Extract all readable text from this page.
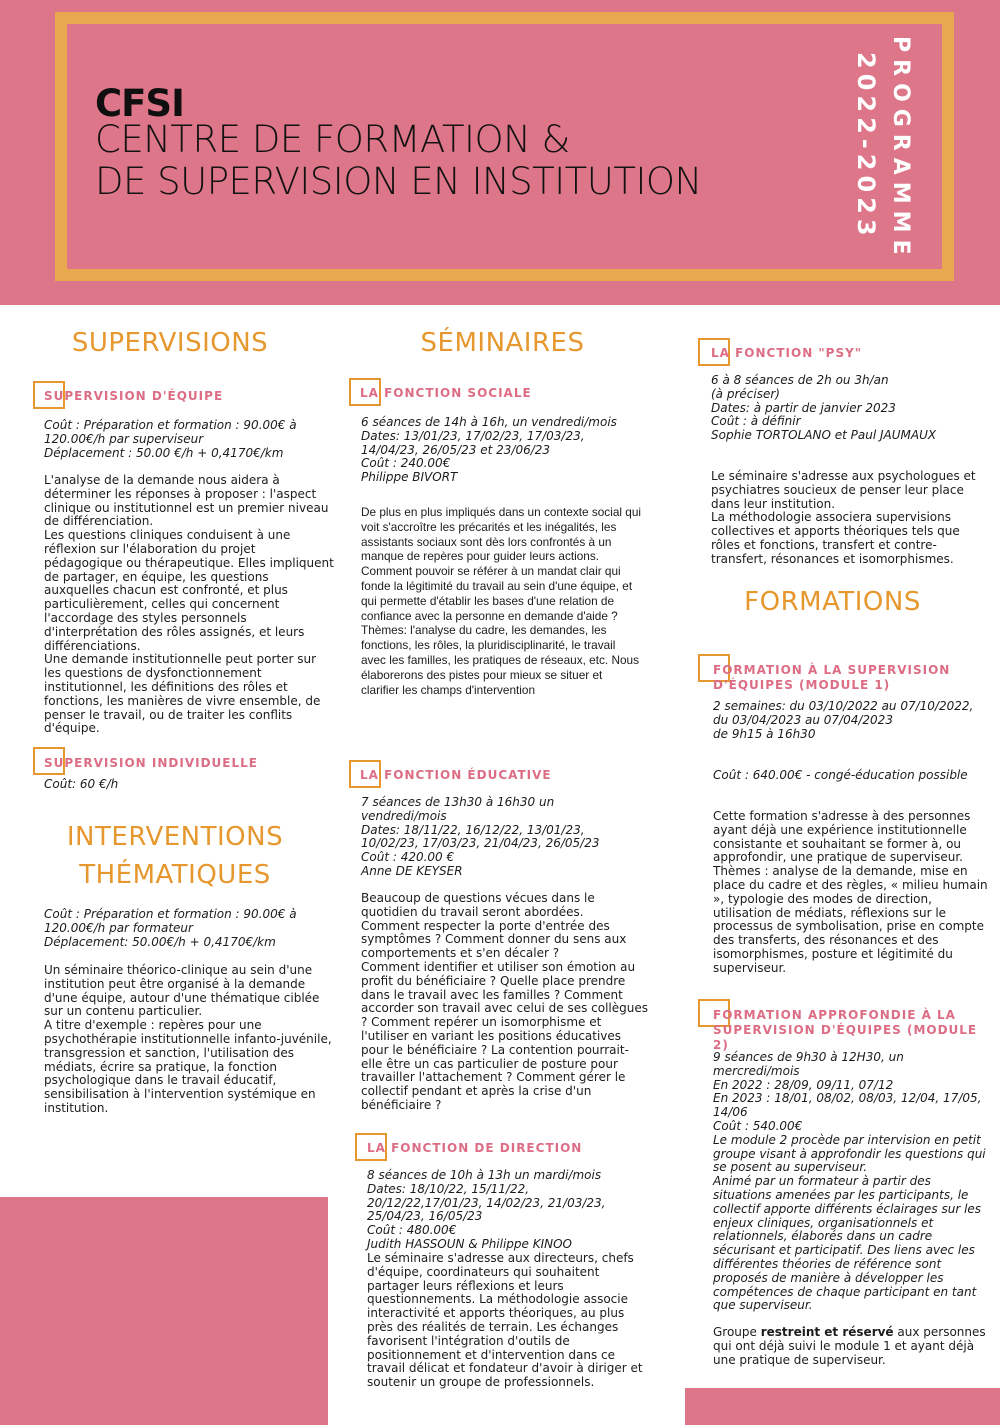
CFSI
CENTRE DE FORMATION &
DE SUPERVISION EN INSTITUTION	PROGRAMME
2022-2023
SUPERVISIONS
SUPERVISION D'ÉQUIPE
Coût : Préparation et formation : 90.00€ à 120.00€/h par superviseur
Déplacement : 50.00 €/h + 0,4170€/km
L'analyse de la demande nous aidera à déterminer les réponses à proposer : l'aspect clinique ou institutionnel est un premier niveau de différenciation.
Les questions cliniques conduisent à une réflexion sur l'élaboration du projet pédagogique ou thérapeutique. Elles impliquent de partager, en équipe, les questions auxquelles chacun est confronté, et plus particulièrement, celles qui concernent l'accordage des styles personnels d'interprétation des rôles assignés, et leurs différenciations.
Une demande institutionnelle peut porter sur les questions de dysfonctionnement institutionnel, les définitions des rôles et fonctions, les manières de vivre ensemble, de penser le travail, ou de traiter les conflits d'équipe.
SUPERVISION INDIVIDUELLE
Coût: 60 €/h
INTERVENTIONS
THÉMATIQUES
Coût : Préparation et formation : 90.00€ à 120.00€/h par formateur
Déplacement: 50.00€/h + 0,4170€/km
Un séminaire théorico-clinique au sein d'une institution peut être organisé à la demande d'une équipe, autour d'une thématique ciblée sur un contenu particulier.
A titre d'exemple : repères pour une psychothérapie institutionnelle infanto-juvénile, transgression et sanction, l'utilisation des médiats, écrire sa pratique, la fonction psychologique dans le travail éducatif, sensibilisation à l'intervention systémique en institution.
SÉMINAIRES
LA FONCTION SOCIALE
6 séances de 14h à 16h, un vendredi/mois
Dates: 13/01/23, 17/02/23, 17/03/23, 14/04/23, 26/05/23 et 23/06/23
Coût : 240.00€
Philippe BIVORT
De plus en plus impliqués dans un contexte social qui voit s'accroître les précarités et les inégalités, les assistants sociaux sont dès lors confrontés à un manque de repères pour guider leurs actions. Comment pouvoir se référer à un mandat clair qui fonde la légitimité du travail au sein d'une équipe, et qui permette d'établir les bases d'une relation de confiance avec la personne en demande d'aide ?
Thèmes: l'analyse du cadre, les demandes, les fonctions, les rôles, la pluridisciplinarité, le travail avec les familles, les pratiques de réseaux, etc. Nous élaborerons des pistes pour mieux se situer et clarifier les champs d'intervention
LA FONCTION ÉDUCATIVE
7 séances de 13h30 à 16h30 un vendredi/mois
Dates: 18/11/22, 16/12/22, 13/01/23, 10/02/23, 17/03/23, 21/04/23, 26/05/23
Coût : 420.00 €
Anne DE KEYSER
Beaucoup de questions vécues dans le quotidien du travail seront abordées.
Comment respecter la porte d'entrée des symptômes ? Comment donner du sens aux comportements et s'en décaler ?
Comment identifier et utiliser son émotion au profit du bénéficiaire ? Quelle place prendre dans le travail avec les familles ? Comment accorder son travail avec celui de ses collègues ? Comment repérer un isomorphisme et l'utiliser en variant les positions éducatives pour le bénéficiaire ? La contention pourrait-elle être un cas particulier de posture pour travailler l'attachement ? Comment gérer le collectif pendant et après la crise d'un bénéficiaire ?
LA FONCTION DE DIRECTION
8 séances de 10h à 13h un mardi/mois
Dates: 18/10/22, 15/11/22, 20/12/22,17/01/23, 14/02/23, 21/03/23, 25/04/23, 16/05/23
Coût : 480.00€
Judith HASSOUN & Philippe KINOO
Le séminaire s'adresse aux directeurs, chefs d'équipe, coordinateurs qui souhaitent partager leurs réflexions et leurs questionnements. La méthodologie associe interactivité et apports théoriques, au plus près des réalités de terrain. Les échanges favorisent l'intégration d'outils de positionnement et d'intervention dans ce travail délicat et fondateur d'avoir à diriger et soutenir un groupe de professionnels.
LA FONCTION "PSY"
6 à 8 séances de 2h ou 3h/an
(à préciser)
Dates: à partir de janvier 2023
Coût : à définir
Sophie TORTOLANO et Paul JAUMAUX
Le séminaire s'adresse aux psychologues et psychiatres soucieux de penser leur place dans leur institution.
La méthodologie associera supervisions collectives et apports théoriques tels que rôles et fonctions, transfert et contre-transfert, résonances et isomorphismes.
FORMATIONS
FORMATION À LA SUPERVISION
D'ÉQUIPES (MODULE 1)
2 semaines: du 03/10/2022 au 07/10/2022, du 03/04/2023 au 07/04/2023
de 9h15 à 16h30
Coût : 640.00€ - congé-éducation possible
Cette formation s'adresse à des personnes ayant déjà une expérience institutionnelle consistante et souhaitant se former à, ou approfondir, une pratique de superviseur. Thèmes : analyse de la demande, mise en place du cadre et des règles, « milieu humain », typologie des modes de direction, utilisation de médiats, réflexions sur le processus de symbolisation, prise en compte des transferts, des résonances et des isomorphismes, posture et légitimité du superviseur.
FORMATION APPROFONDIE À LA
SUPERVISION D'ÉQUIPES (MODULE 2)
9 séances de 9h30 à 12H30, un mercredi/mois
En 2022 : 28/09, 09/11, 07/12
En 2023 : 18/01, 08/02, 08/03, 12/04, 17/05, 14/06
Coût : 540.00€
Le module 2 procède par intervision en petit groupe visant à approfondir les questions qui se posent au superviseur.
Animé par un formateur à partir des situations amenées par les participants, le collectif apporte différents éclairages sur les enjeux cliniques, organisationnels et relationnels, élaborés dans un cadre sécurisant et participatif. Des liens avec les différentes théories de référence sont proposés de manière à développer les compétences de chaque participant en tant que superviseur.
Groupe restreint et réservé aux personnes qui ont déjà suivi le module 1 et ayant déjà une pratique de superviseur.
